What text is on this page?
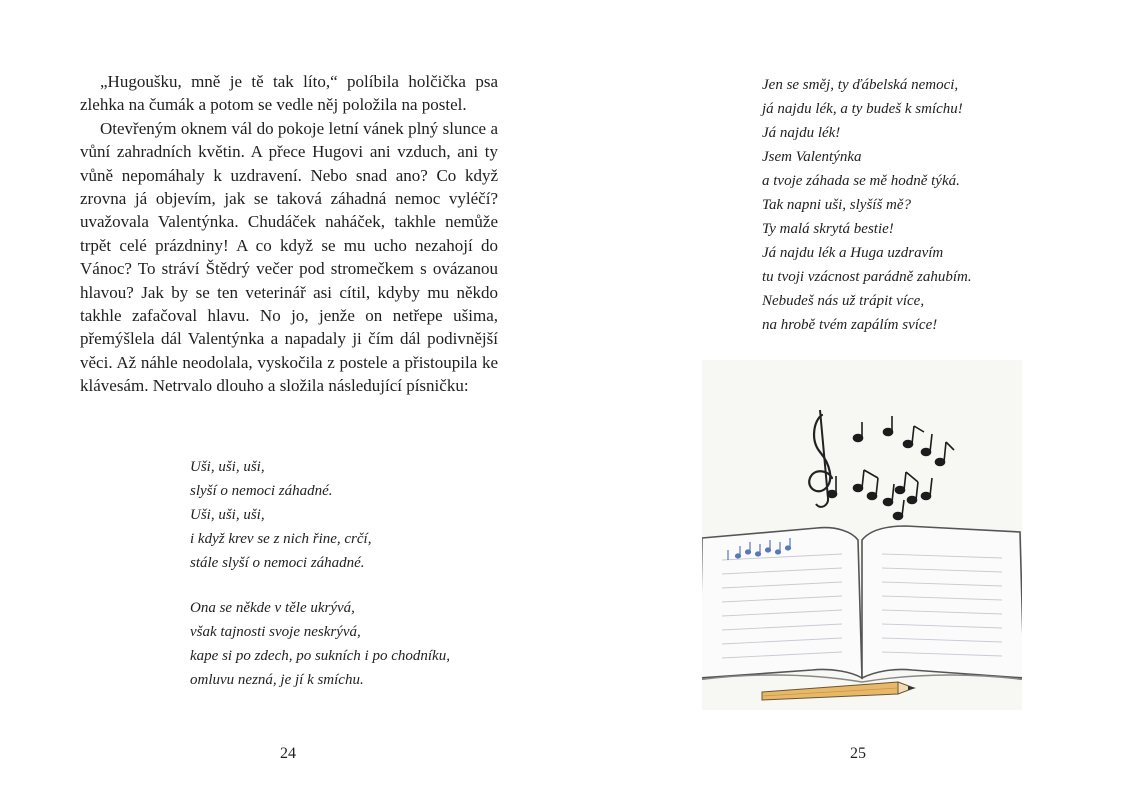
„Hugoušku, mně je tě tak líto,“ políbila holčička psa zlehka na čumák a potom se vedle něj položila na postel.

Otevřeným oknem vál do pokoje letní vánek plný slunce a vůní zahradních květin. A přece Hugovi ani vzduch, ani ty vůně nepomáhaly k uzdravení. Nebo snad ano? Co když zrovna já objevím, jak se taková záhadná nemoc vyléčí? uvažovala Valentýnka. Chudáček naháček, takhle nemůže trpět celé prázdniny! A co když se mu ucho nezahojí do Vánoc? To stráví Štědrý večer pod stromečkem s ovázanou hlavou? Jak by se ten veterinář asi cítil, kdyby mu někdo takhle zafačoval hlavu. No jo, jenže on netřepe ušima, přemýšlela dál Valentýnka a napadaly ji čím dál podivnější věci. Až náhle neodolala, vyskočila z postele a přistoupila ke klávesám. Netrvalo dlouho a složila následující písničku:

Uši, uši, uši,
slyší o nemoci záhadné.
Uši, uši, uši,
i když krev se z nich řine, crčí,
stále slyší o nemoci záhadné.
Ona se někde v těle ukrývá,
však tajnosti svoje neskrývá,
kape si po zdech, po sukních i po chodníku,
omluvu nezná, je jí k smíchu.
24
Jen se směj, ty ďábelská nemoci,
já najdu lék, a ty budeš k smíchu!
Já najdu lék!
Jsem Valentýnka
a tvoje záhada se mě hodně týká.
Tak napni uši, slyšíš mě?
Ty malá skrytá bestie!
Já najdu lék a Huga uzdravím
tu tvoji vzácnost parádně zahubím.
Nebudeš nás už trápit více,
na hrobě tvém zapálím svíce!
25
